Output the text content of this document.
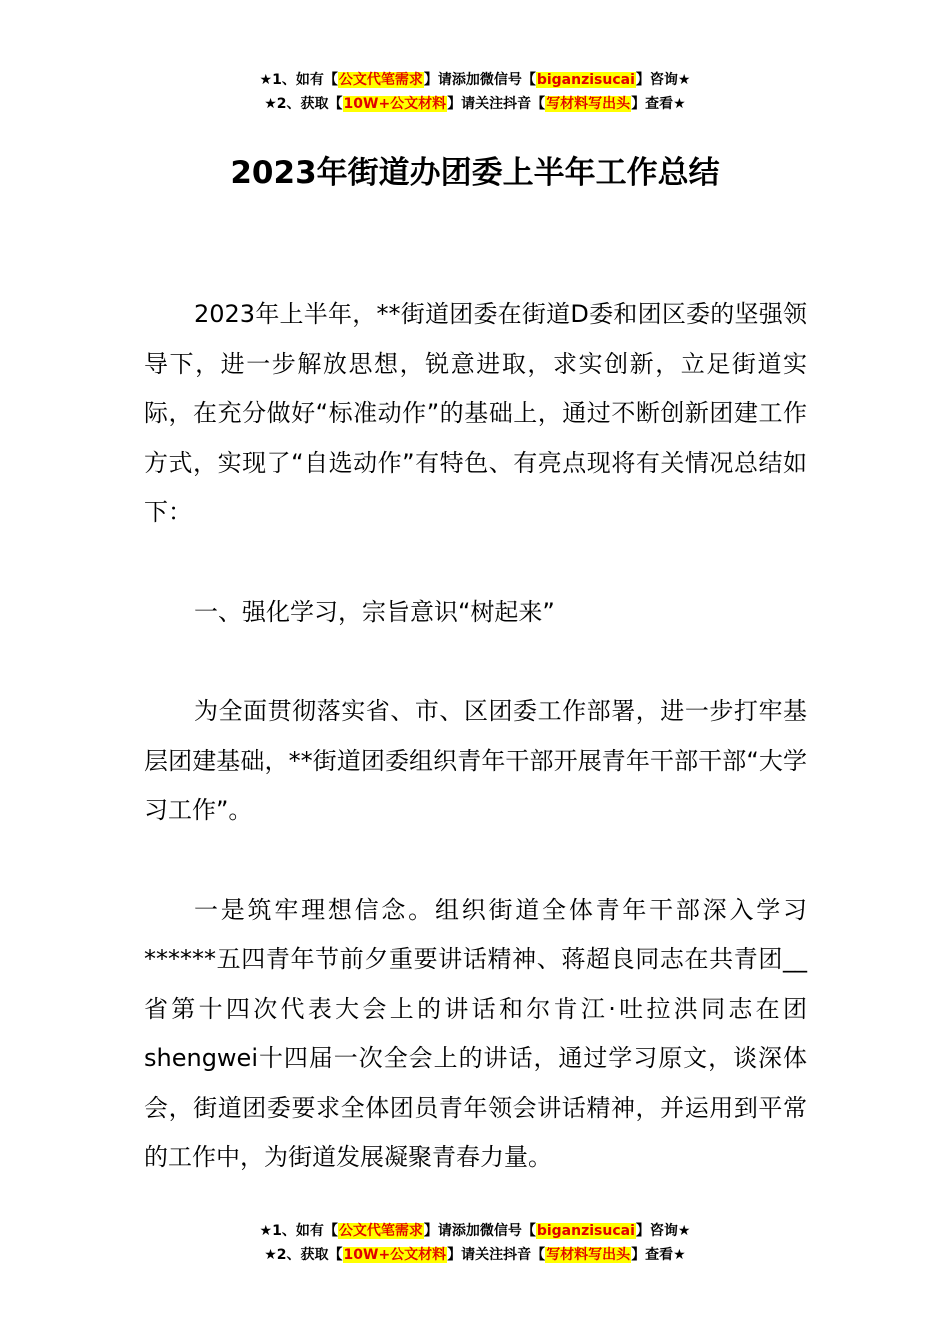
★1、如有【公文代笔需求】请添加微信号【biganzisucai】咨询★
★2、获取【10W+公文材料】请关注抖音【写材料写出头】查看★
2023年街道办团委上半年工作总结

2023年上半年，**街道团委在街道D委和团区委的坚强领导下，进一步解放思想，锐意进取，求实创新，立足街道实际，在充分做好“标准动作”的基础上，通过不断创新团建工作方式，实现了“自选动作”有特色、有亮点现将有关情况总结如下：

一、强化学习，宗旨意识“树起来”

为全面贯彻落实省、市、区团委工作部署，进一步打牢基层团建基础，**街道团委组织青年干部开展青年干部干部“大学习工作”。

一是筑牢理想信念。组织街道全体青年干部深入学习******五四青年节前夕重要讲话精神、蒋超良同志在共青团__省第十四次代表大会上的讲话和尔肯江·吐拉洪同志在团shengwei十四届一次全会上的讲话，通过学习原文，谈深体会，街道团委要求全体团员青年领会讲话精神，并运用到平常的工作中，为街道发展凝聚青春力量。

★1、如有【公文代笔需求】请添加微信号【biganzisucai】咨询★
★2、获取【10W+公文材料】请关注抖音【写材料写出头】查看★
